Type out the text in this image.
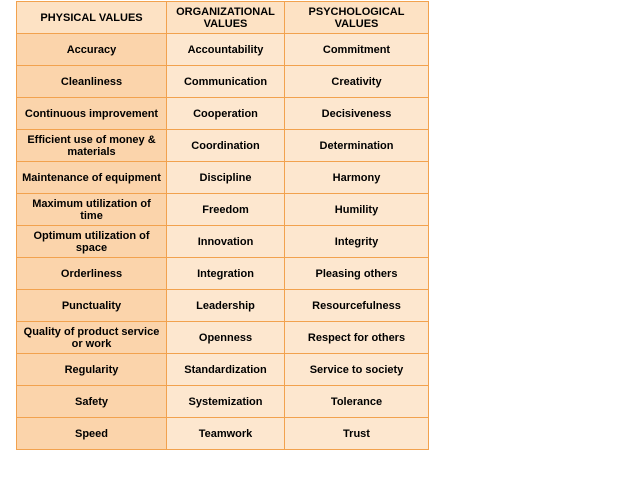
PHYSICAL VALUES	ORGANIZATIONAL VALUES	PSYCHOLOGICAL VALUES
Accuracy	Accountability	Commitment
Cleanliness	Communication	Creativity
Continuous improvement	Cooperation	Decisiveness
Efficient use of money & materials	Coordination	Determination
Maintenance of equipment	Discipline	Harmony
Maximum utilization of time	Freedom	Humility
Optimum utilization of space	Innovation	Integrity
Orderliness	Integration	Pleasing others
Punctuality	Leadership	Resourcefulness
Quality of product service or work	Openness	Respect for others
Regularity	Standardization	Service to society
Safety	Systemization	Tolerance
Speed	Teamwork	Trust
